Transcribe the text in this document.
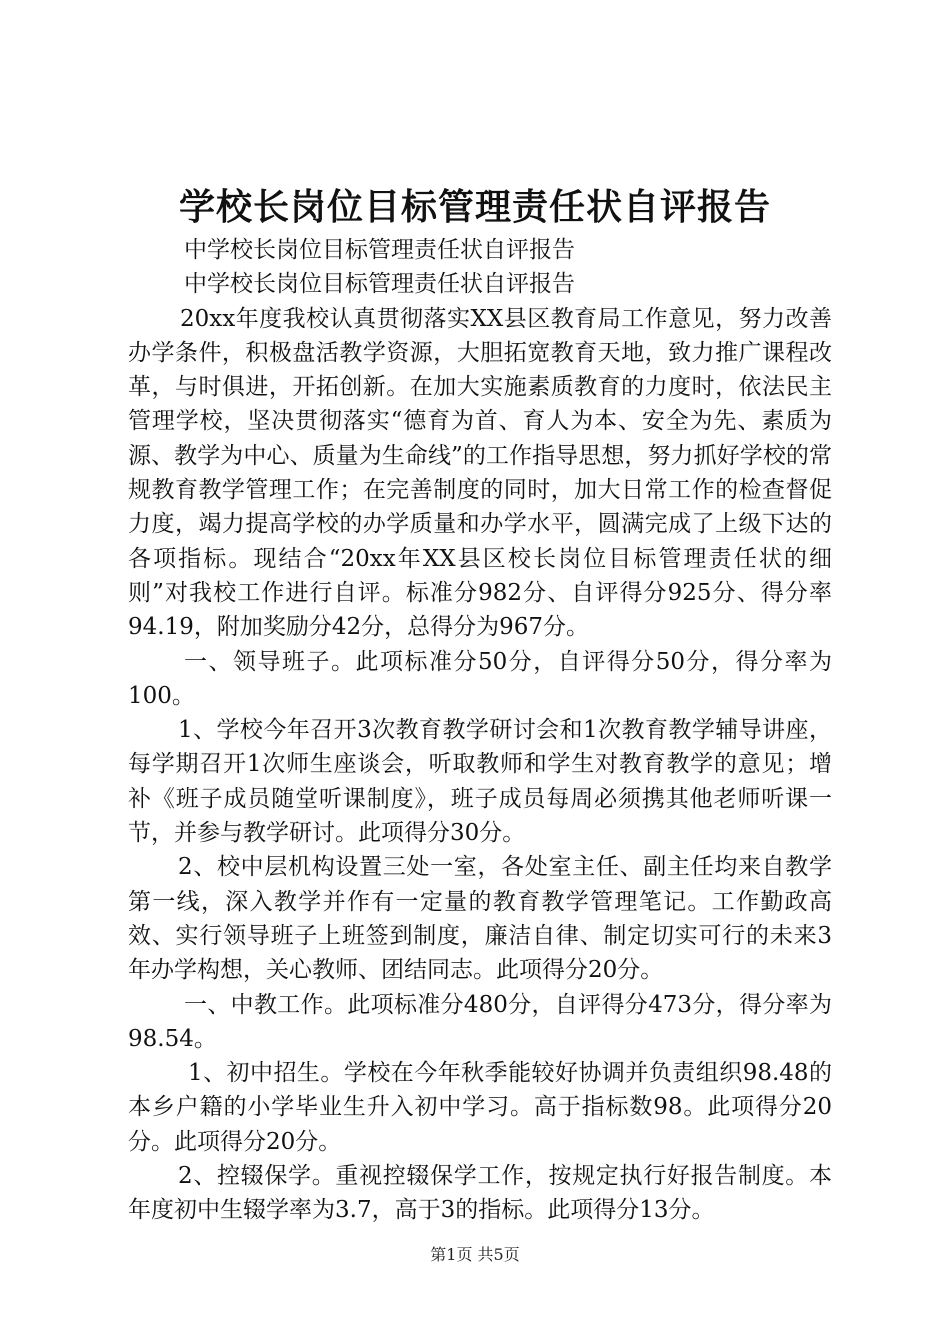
学校长岗位目标管理责任状自评报告

中学校长岗位目标管理责任状自评报告

中学校长岗位目标管理责任状自评报告

20xx年度我校认真贯彻落实XX县区教育局工作意见，努力改善办学条件，积极盘活教学资源，大胆拓宽教育天地，致力推广课程改革，与时俱进，开拓创新。在加大实施素质教育的力度时，依法民主管理学校，坚决贯彻落实“德育为首、育人为本、安全为先、素质为源、教学为中心、质量为生命线”的工作指导思想，努力抓好学校的常规教育教学管理工作；在完善制度的同时，加大日常工作的检查督促力度，竭力提高学校的办学质量和办学水平，圆满完成了上级下达的各项指标。现结合“20xx年XX县区校长岗位目标管理责任状的细则”对我校工作进行自评。标准分982分、自评得分925分、得分率94.19，附加奖励分42分，总得分为967分。

一、领导班子。此项标准分50分，自评得分50分，得分率为100。

1、学校今年召开3次教育教学研讨会和1次教育教学辅导讲座，每学期召开1次师生座谈会，听取教师和学生对教育教学的意见；增补《班子成员随堂听课制度》，班子成员每周必须携其他老师听课一节，并参与教学研讨。此项得分30分。

2、校中层机构设置三处一室，各处室主任、副主任均来自教学第一线，深入教学并作有一定量的教育教学管理笔记。工作勤政高效、实行领导班子上班签到制度，廉洁自律、制定切实可行的未来3年办学构想，关心教师、团结同志。此项得分20分。

一、中教工作。此项标准分480分，自评得分473分，得分率为98.54。

1、初中招生。学校在今年秋季能较好协调并负责组织98.48的本乡户籍的小学毕业生升入初中学习。高于指标数98。此项得分20分。此项得分20分。

2、控辍保学。重视控辍保学工作，按规定执行好报告制度。本年度初中生辍学率为3.7，高于3的指标。此项得分13分。

第1页 共5页
